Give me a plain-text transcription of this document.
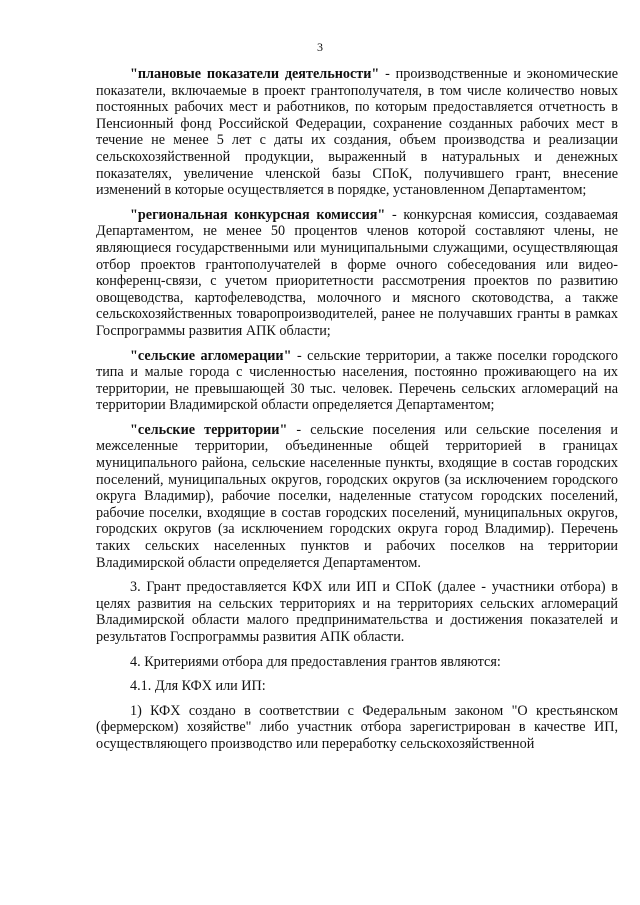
3

"плановые показатели деятельности" - производственные и экономические показатели, включаемые в проект грантополучателя, в том числе количество новых постоянных рабочих мест и работников, по которым предоставляется отчетность в Пенсионный фонд Российской Федерации, сохранение созданных рабочих мест в течение не менее 5 лет с даты их создания, объем производства и реализации сельскохозяйственной продукции, выраженный в натуральных и денежных показателях, увеличение членской базы СПоК, получившего грант, внесение изменений в которые осуществляется в порядке, установленном Департаментом;

"региональная конкурсная комиссия" - конкурсная комиссия, создаваемая Департаментом, не менее 50 процентов членов которой составляют члены, не являющиеся государственными или муниципальными служащими, осуществляющая отбор проектов грантополучателей в форме очного собеседования или видео-конференц-связи, с учетом приоритетности рассмотрения проектов по развитию овощеводства, картофелеводства, молочного и мясного скотоводства, а также сельскохозяйственных товаропроизводителей, ранее не получавших гранты в рамках Госпрограммы развития АПК области;

"сельские агломерации" - сельские территории, а также поселки городского типа и малые города с численностью населения, постоянно проживающего на их территории, не превышающей 30 тыс. человек. Перечень сельских агломераций на территории Владимирской области определяется Департаментом;

"сельские территории" - сельские поселения или сельские поселения и межселенные территории, объединенные общей территорией в границах муниципального района, сельские населенные пункты, входящие в состав городских поселений, муниципальных округов, городских округов (за исключением городского округа Владимир), рабочие поселки, наделенные статусом городских поселений, рабочие поселки, входящие в состав городских поселений, муниципальных округов, городских округов (за исключением городских округа город Владимир). Перечень таких сельских населенных пунктов и рабочих поселков на территории Владимирской области определяется Департаментом.

3. Грант предоставляется КФХ или ИП и СПоК (далее - участники отбора) в целях развития на сельских территориях и на территориях сельских агломераций Владимирской области малого предпринимательства и достижения показателей и результатов Госпрограммы развития АПК области.

4. Критериями отбора для предоставления грантов являются:

4.1. Для КФХ или ИП:

1) КФХ создано в соответствии с Федеральным законом "О крестьянском (фермерском) хозяйстве" либо участник отбора зарегистрирован в качестве ИП, осуществляющего производство или переработку сельскохозяйственной
